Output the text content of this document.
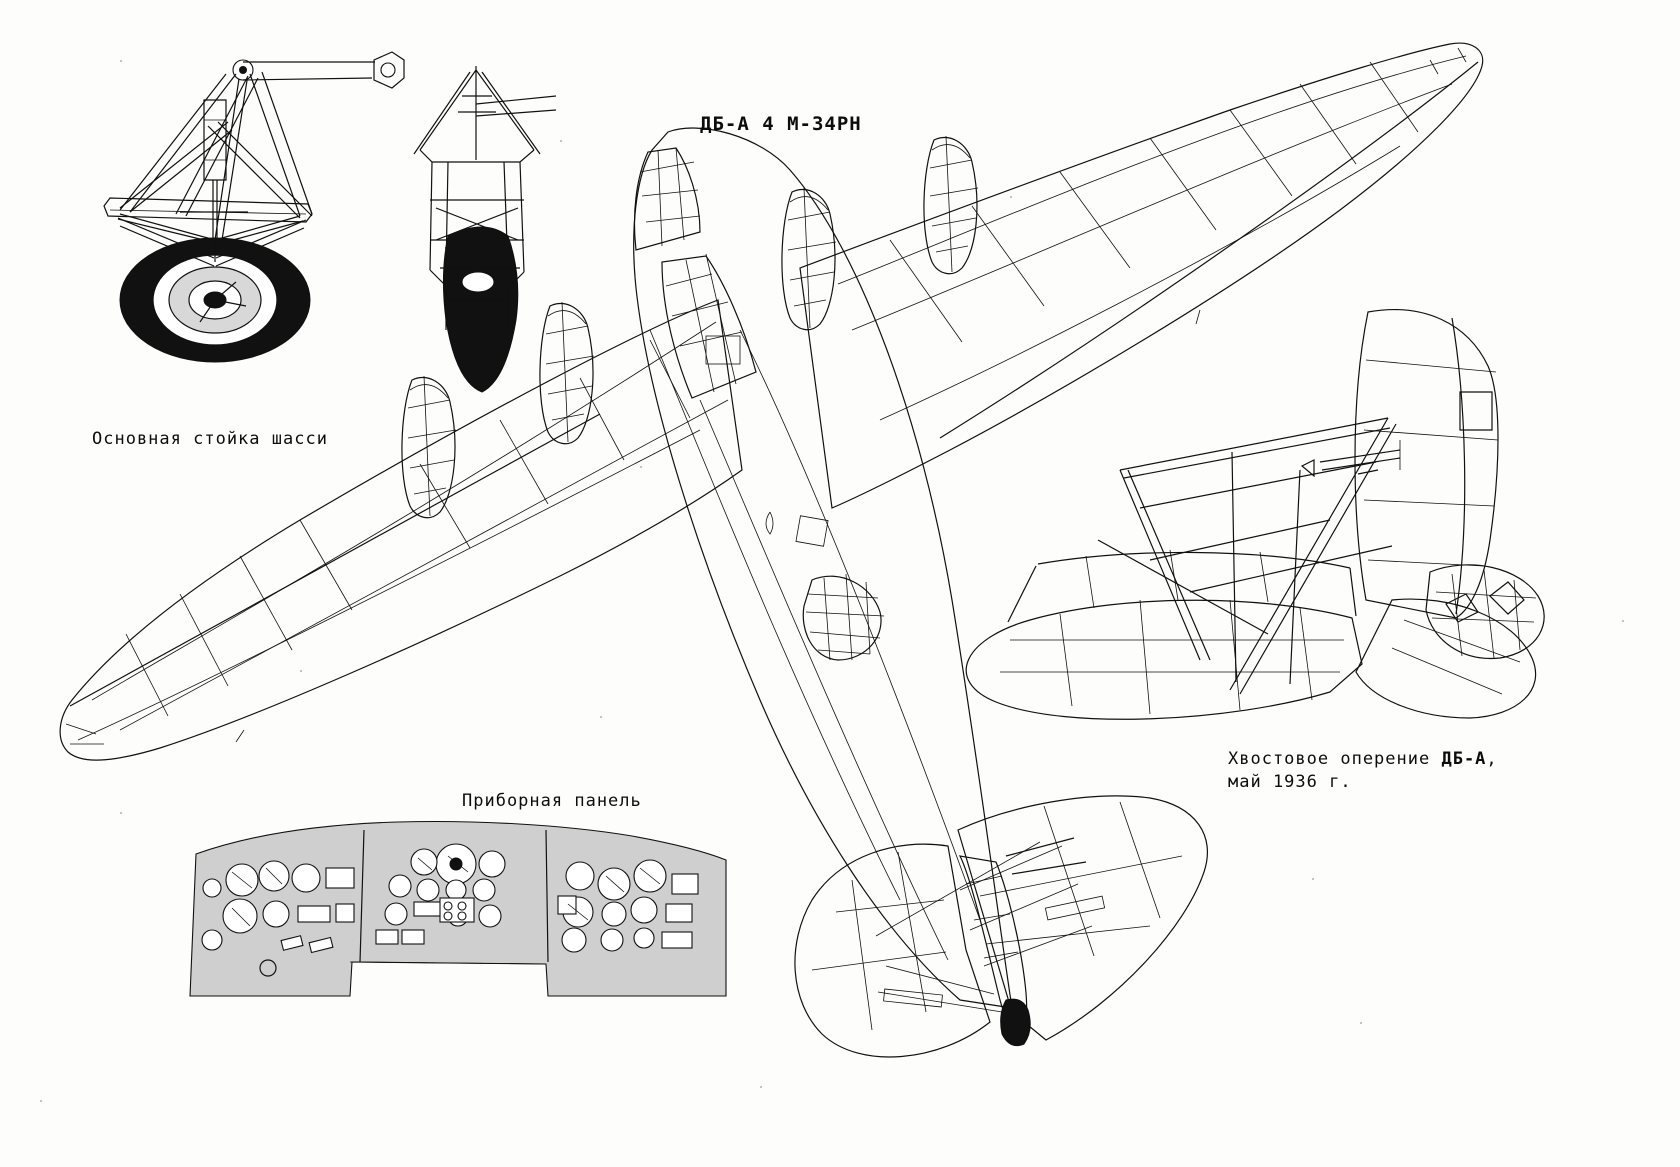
ДБ-А 4 М-34РН
Основная стойка шасси
Приборная панель
Хвостовое оперение ДБ-А,
май 1936 г.
